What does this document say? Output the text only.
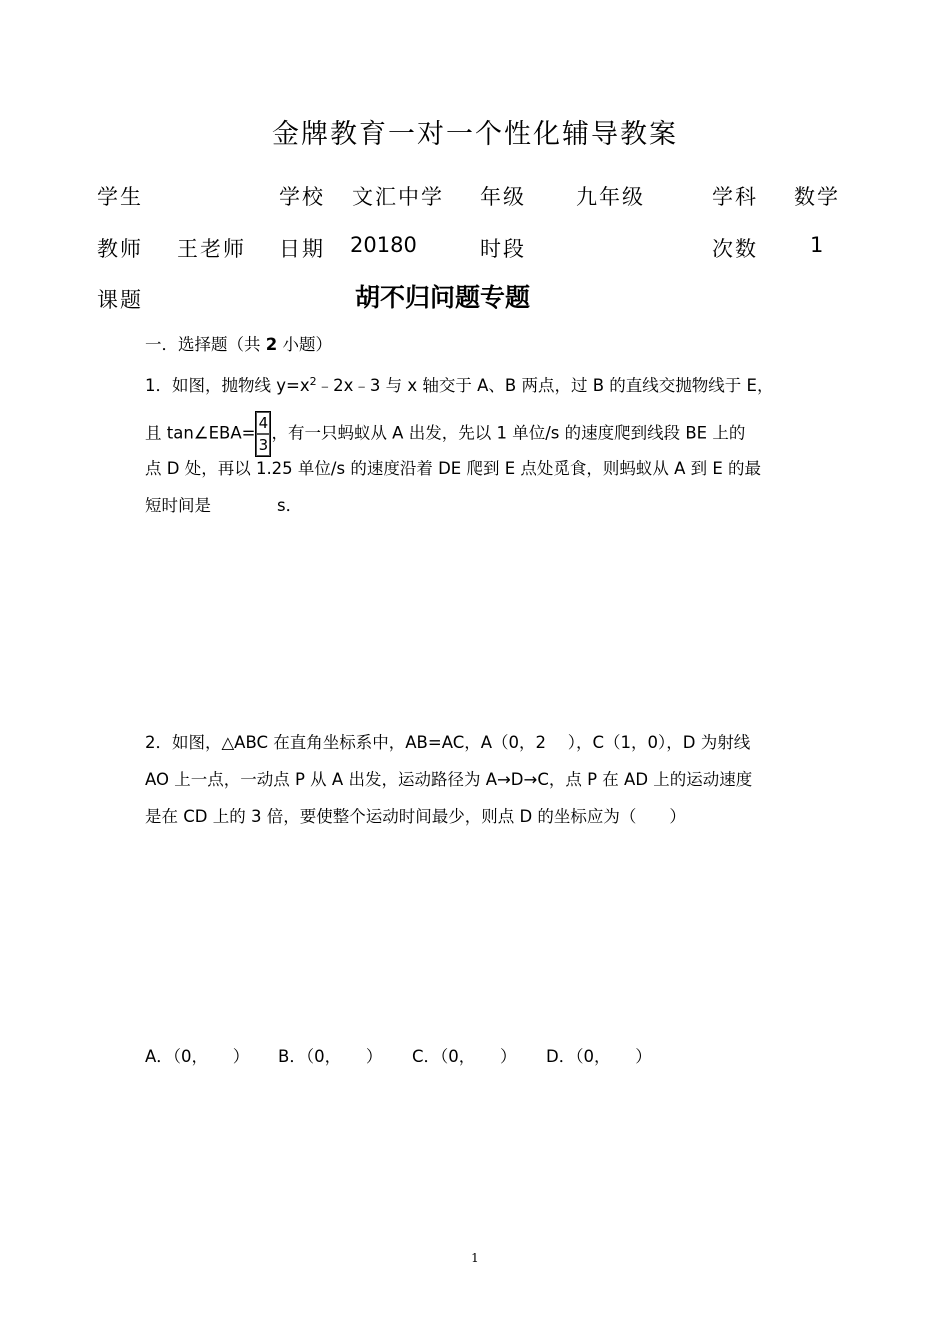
金牌教育一对一个性化辅导教案
学生	学校 文汇中学 年级 九年级	学科 数学
教师 王老师 日期 20180	时段	次数 1
课题	胡不归问题专题
一．选择题（共 2 小题）
1．如图，抛物线 $y=x^2﹣2x﹣3$ 与 x 轴交于 A、B 两点，过 B 的直线交抛物线于 E，
且 tan∠EBA= $\frac{4}{3}$ ，有一只蚂蚁从 A 出发，先以 1 单位/s 的速度爬到线段 BE 上的
点 D 处，再以 1.25 单位/s 的速度沿着 DE 爬到 E 点处觅食，则蚂蚁从 A 到 E 的最
短时间是	s．
2．如图，△ABC 在直角坐标系中，AB=AC，A（0，2　 ），C（1，0），D 为射线
AO 上一点，一动点 P 从 A 出发，运动路径为 A→D→C，点 P 在 AD 上的运动速度
是在 CD 上的 3 倍，要使整个运动时间最少，则点 D 的坐标应为（　　）
A．（0，　　） B．（0，　　） C．（0，　　） D．（0，　　）
1
